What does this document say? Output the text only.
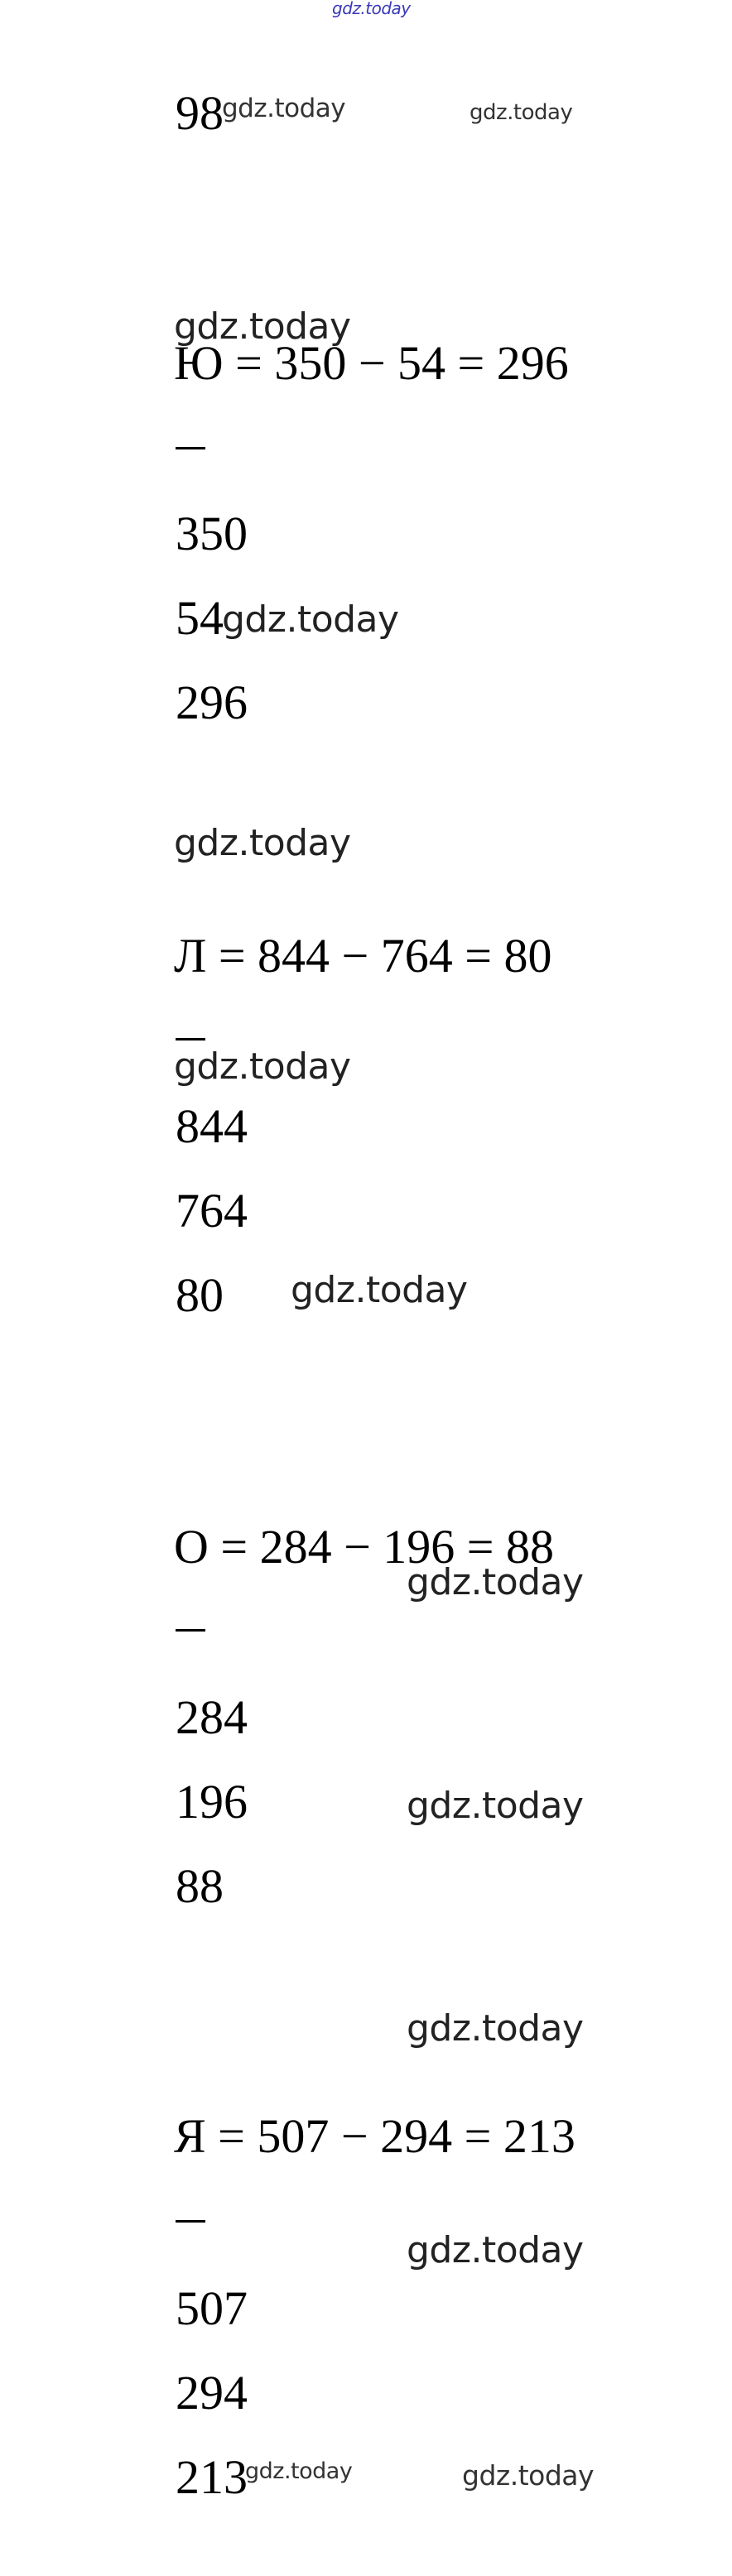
gdz.today
98
gdz.today	gdz.today
gdz.today
Ю = 350 − 54 = 296
350
54
gdz.today
296
gdz.today
Л = 844 − 764 = 80
gdz.today
844
764
80 gdz.today
О = 284 − 196 = 88
gdz.today
284
196	gdz.today
88
gdz.today
Я = 507 − 294 = 213
gdz.today
507
294
213
gdz.today	gdz.today
